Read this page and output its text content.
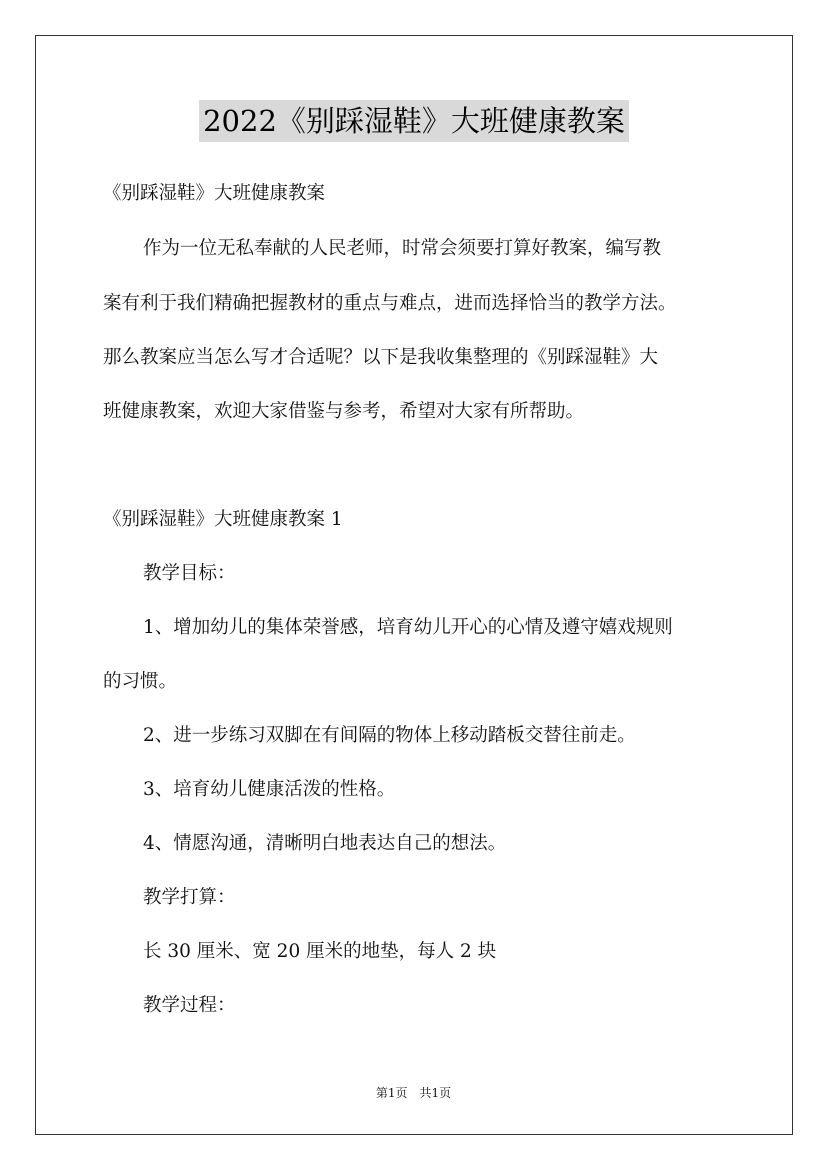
2022《别踩湿鞋》大班健康教案
《别踩湿鞋》大班健康教案
作为一位无私奉献的人民老师，时常会须要打算好教案，编写教
案有利于我们精确把握教材的重点与难点，进而选择恰当的教学方法。
那么教案应当怎么写才合适呢？以下是我收集整理的《别踩湿鞋》大
班健康教案，欢迎大家借鉴与参考，希望对大家有所帮助。
《别踩湿鞋》大班健康教案 1
教学目标：
1、增加幼儿的集体荣誉感，培育幼儿开心的心情及遵守嬉戏规则
的习惯。
2、进一步练习双脚在有间隔的物体上移动踏板交替往前走。
3、培育幼儿健康活泼的性格。
4、情愿沟通，清晰明白地表达自己的想法。
教学打算：
长 30 厘米、宽 20 厘米的地垫，每人 2 块
教学过程：
第1页　共1页
